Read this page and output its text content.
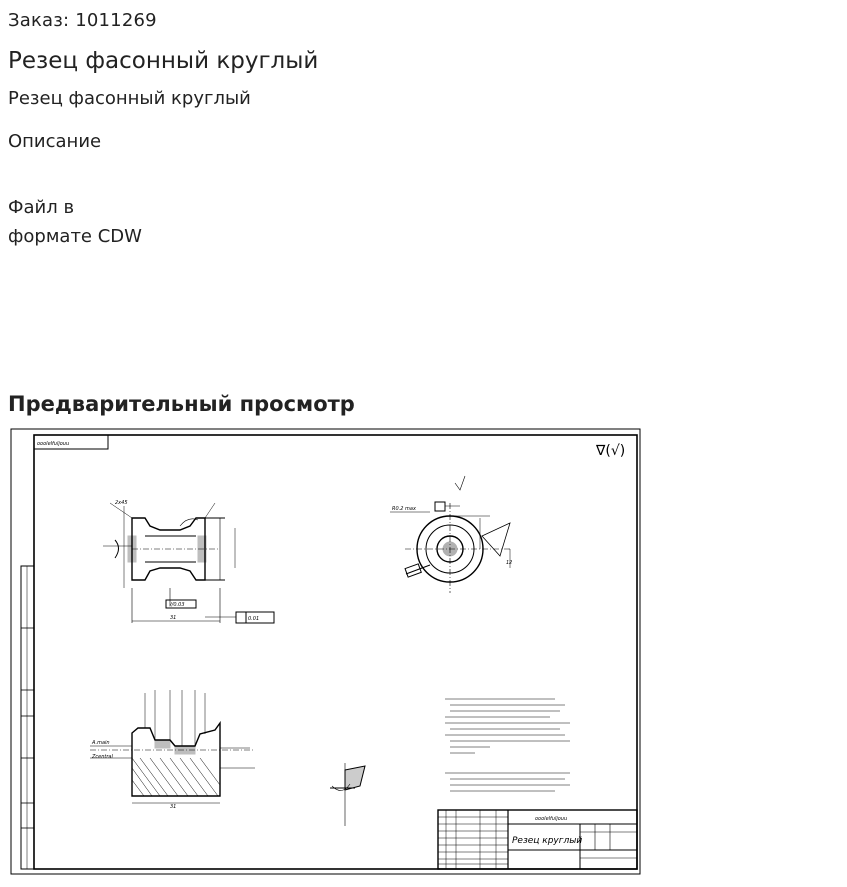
Заказ: 1011269
Резец фасонный круглый
Резец фасонный круглый
Описание
Файл в
формате CDW
Предварительный просмотр
ooolelfuljouu	∇(√)
//0.03
0.01
31
2x45
R0.2 max
12
A.main
Zcentral
31
Резец круглый
ooolelfuljouu
